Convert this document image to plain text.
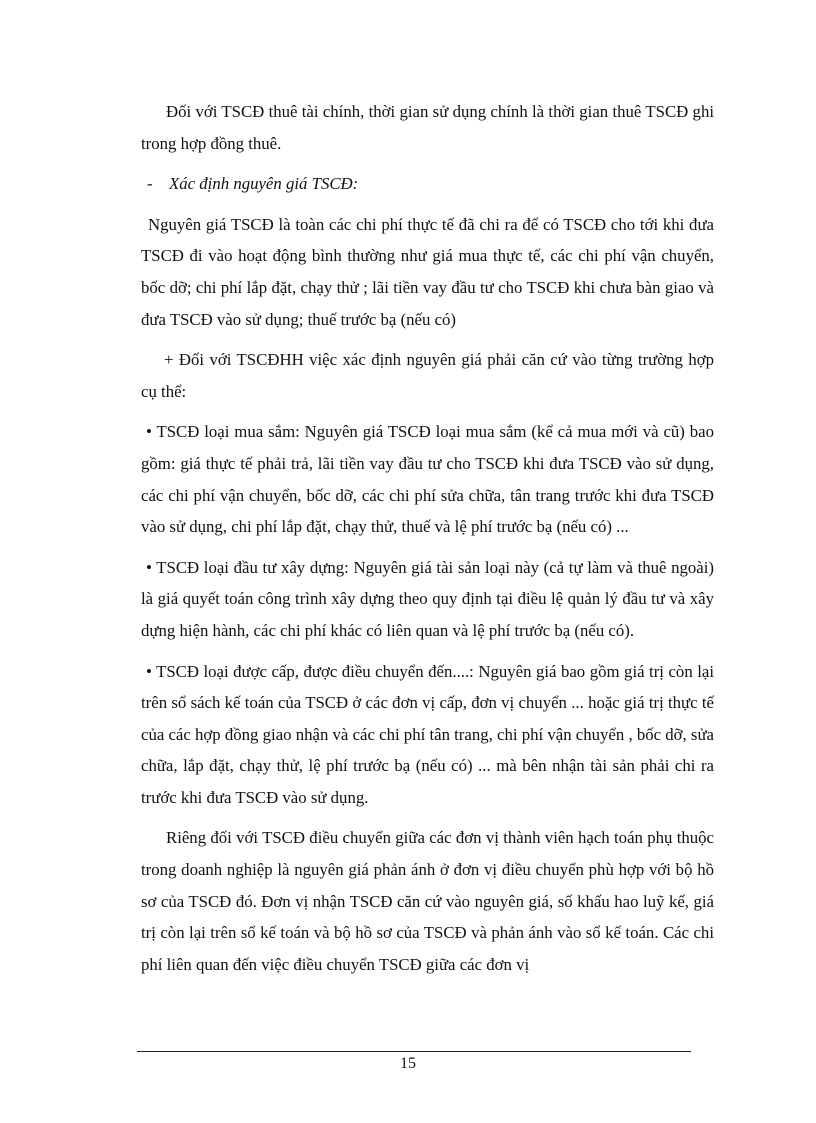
Đối với TSCĐ thuê tài chính, thời gian sử dụng chính là thời gian thuê TSCĐ ghi trong hợp đồng thuê.

- Xác định nguyên giá TSCĐ:

Nguyên giá TSCĐ là toàn các chi phí thực tế đã chi ra để có TSCĐ cho tới khi đưa TSCĐ đi vào hoạt động bình thường như giá mua thực tế, các chi phí vận chuyển, bốc dỡ; chi phí lắp đặt, chạy thử ; lãi tiền vay đầu tư cho TSCĐ khi chưa bàn giao và đưa TSCĐ vào sử dụng; thuế trước bạ (nếu có)

+ Đối với TSCĐHH việc xác định nguyên giá phải căn cứ vào từng trường hợp cụ thể:

• TSCĐ loại mua sắm: Nguyên giá TSCĐ loại mua sắm (kể cả mua mới và cũ) bao gồm: giá thực tế phải trả, lãi tiền vay đầu tư cho TSCĐ khi đưa TSCĐ vào sử dụng, các chi phí vận chuyển, bốc dỡ, các chi phí sửa chữa, tân trang trước khi đưa TSCĐ vào sử dụng, chi phí lắp đặt, chạy thử, thuế và lệ phí trước bạ (nếu có) ...

• TSCĐ loại đầu tư xây dựng: Nguyên giá tài sản loại này (cả tự làm và thuê ngoài) là giá quyết toán công trình xây dựng theo quy định tại điều lệ quản lý đầu tư và xây dựng hiện hành, các chi phí khác có liên quan và lệ phí trước bạ (nếu có).

• TSCĐ loại được cấp, được điều chuyển đến....: Nguyên giá bao gồm giá trị còn lại trên sổ sách kế toán của TSCĐ ở các đơn vị cấp, đơn vị chuyển ... hoặc giá trị thực tế của các hợp đồng giao nhận và các chi phí tân trang, chi phí vận chuyển , bốc dỡ, sửa chữa, lắp đặt, chạy thử, lệ phí trước bạ (nếu có) ... mà bên nhận tài sản phải chi ra trước khi đưa TSCĐ vào sử dụng.

Riêng đối với TSCĐ điều chuyển giữa các đơn vị thành viên hạch toán phụ thuộc trong doanh nghiệp là nguyên giá phản ánh ở đơn vị điều chuyển phù hợp với bộ hồ sơ của TSCĐ đó. Đơn vị nhận TSCĐ căn cứ vào nguyên giá, số khấu hao luỹ kế, giá trị còn lại trên sổ kế toán và bộ hồ sơ của TSCĐ và phản ánh vào sổ kế toán. Các chi phí liên quan đến việc điều chuyển TSCĐ giữa các đơn vị

15
